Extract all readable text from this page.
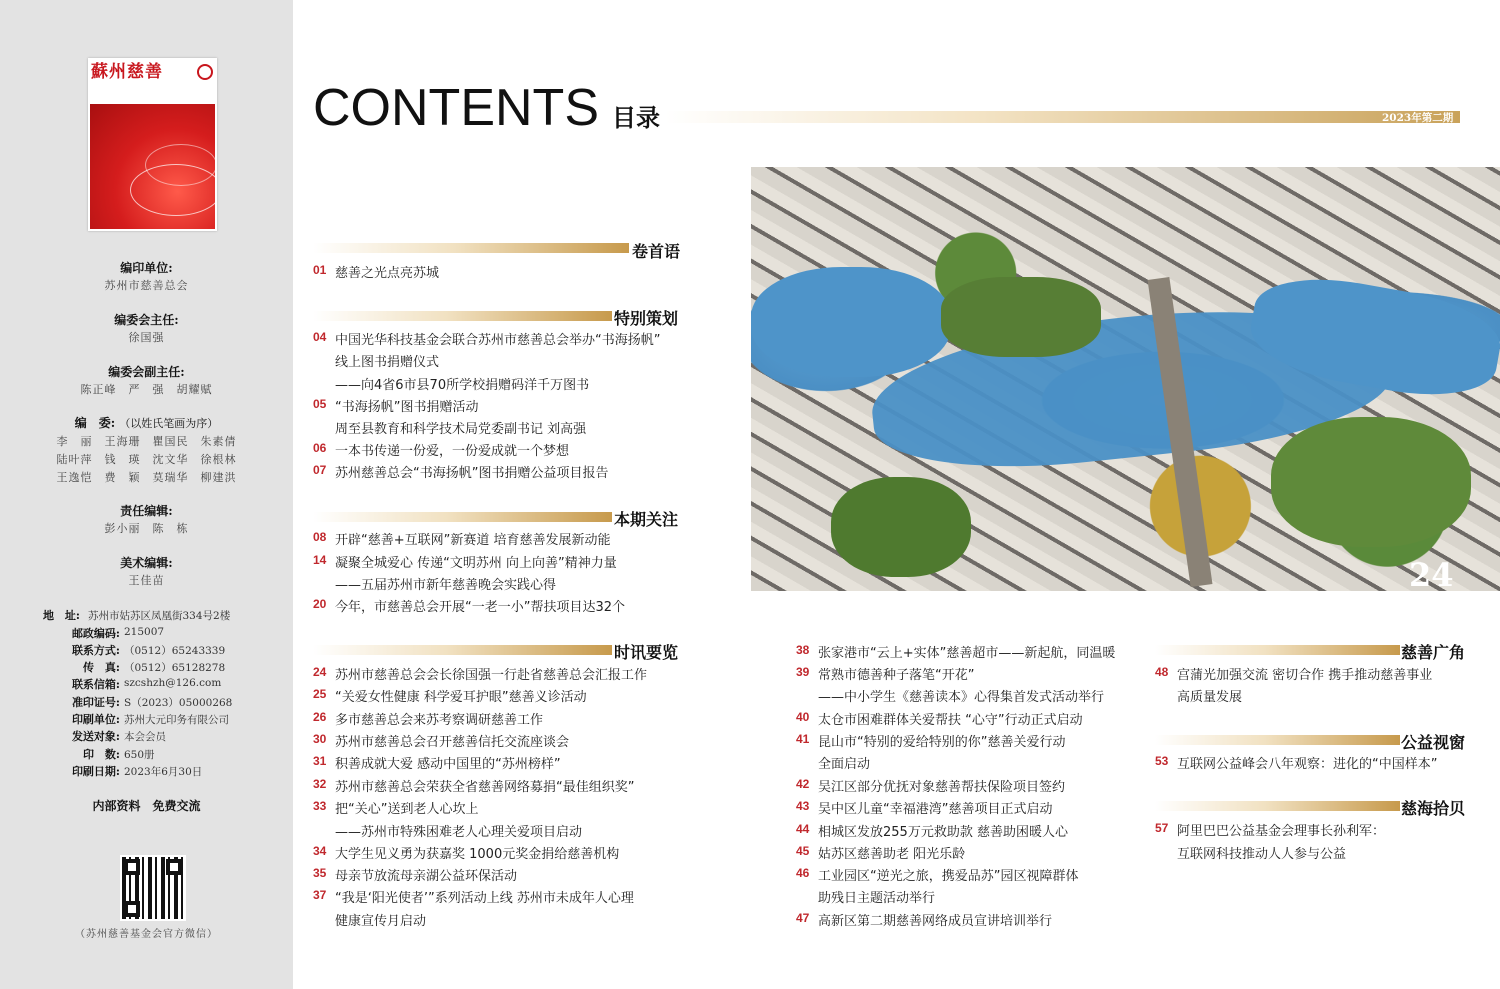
蘇州慈善
编印单位:
苏州市慈善总会
编委会主任:
徐国强
编委会副主任:
陈正峰　严　强　胡耀赋
编　委: （以姓氏笔画为序）
李　丽　王海珊　瞿国民　朱素倩
陆叶萍　钱　瑛　沈文华　徐根林
王逸恺　费　颖　莫瑞华　柳建洪
责任编辑:
彭小丽　陈　栋
美术编辑:
王佳苗
地　址: 苏州市姑苏区凤凰街334号2楼
邮政编码: 215007
联系方式: （0512）65243339
传　真: （0512）65128278
联系信箱: szcshzh@126.com
准印证号: S（2023）05000268
印刷单位: 苏州大元印务有限公司
发送对象: 本会会员
印　数: 650册
印刷日期: 2023年6月30日
内部资料　免费交流
（苏州慈善基金会官方微信）
CONTENTS 目录	2023年第二期
24
卷首语
01 慈善之光点亮苏城
特别策划
04 中国光华科技基金会联合苏州市慈善总会举办“书海扬帆”
线上图书捐赠仪式
——向4省6市县70所学校捐赠码洋千万图书
05 “书海扬帆”图书捐赠活动
周至县教育和科学技术局党委副书记 刘高强
06 一本书传递一份爱，一份爱成就一个梦想
07 苏州慈善总会“书海扬帆”图书捐赠公益项目报告
本期关注
08 开辟“慈善+互联网”新赛道 培育慈善发展新动能
14 凝聚全城爱心 传递“文明苏州 向上向善”精神力量
——五届苏州市新年慈善晚会实践心得
20 今年，市慈善总会开展“一老一小”帮扶项目达32个
时讯要览
24 苏州市慈善总会会长徐国强一行赴省慈善总会汇报工作
25 “关爱女性健康 科学爱耳护眼”慈善义诊活动
26 多市慈善总会来苏考察调研慈善工作
30 苏州市慈善总会召开慈善信托交流座谈会
31 积善成就大爱 感动中国里的“苏州榜样”
32 苏州市慈善总会荣获全省慈善网络募捐“最佳组织奖”
33 把“关心”送到老人心坎上
——苏州市特殊困难老人心理关爱项目启动
34 大学生见义勇为获嘉奖 1000元奖金捐给慈善机构
35 母亲节放流母亲湖公益环保活动
37 “我是‘阳光使者’”系列活动上线 苏州市未成年人心理
健康宣传月启动
38 张家港市“云上+实体”慈善超市——新起航，同温暖
39 常熟市德善种子落笔“开花”
——中小学生《慈善读本》心得集首发式活动举行
40 太仓市困难群体关爱帮扶 “心守”行动正式启动
41 昆山市“特别的爱给特别的你”慈善关爱行动
全面启动
42 吴江区部分优抚对象慈善帮扶保险项目签约
43 吴中区儿童“幸福港湾”慈善项目正式启动
44 相城区发放255万元救助款 慈善助困暖人心
45 姑苏区慈善助老 阳光乐龄
46 工业园区“逆光之旅，携爱品苏”园区视障群体
助残日主题活动举行
47 高新区第二期慈善网络成员宣讲培训举行
慈善广角
48 宫蒲光加强交流 密切合作 携手推动慈善事业
高质量发展
公益视窗
53 互联网公益峰会八年观察：进化的“中国样本”
慈海拾贝
57 阿里巴巴公益基金会理事长孙利军：
互联网科技推动人人参与公益
